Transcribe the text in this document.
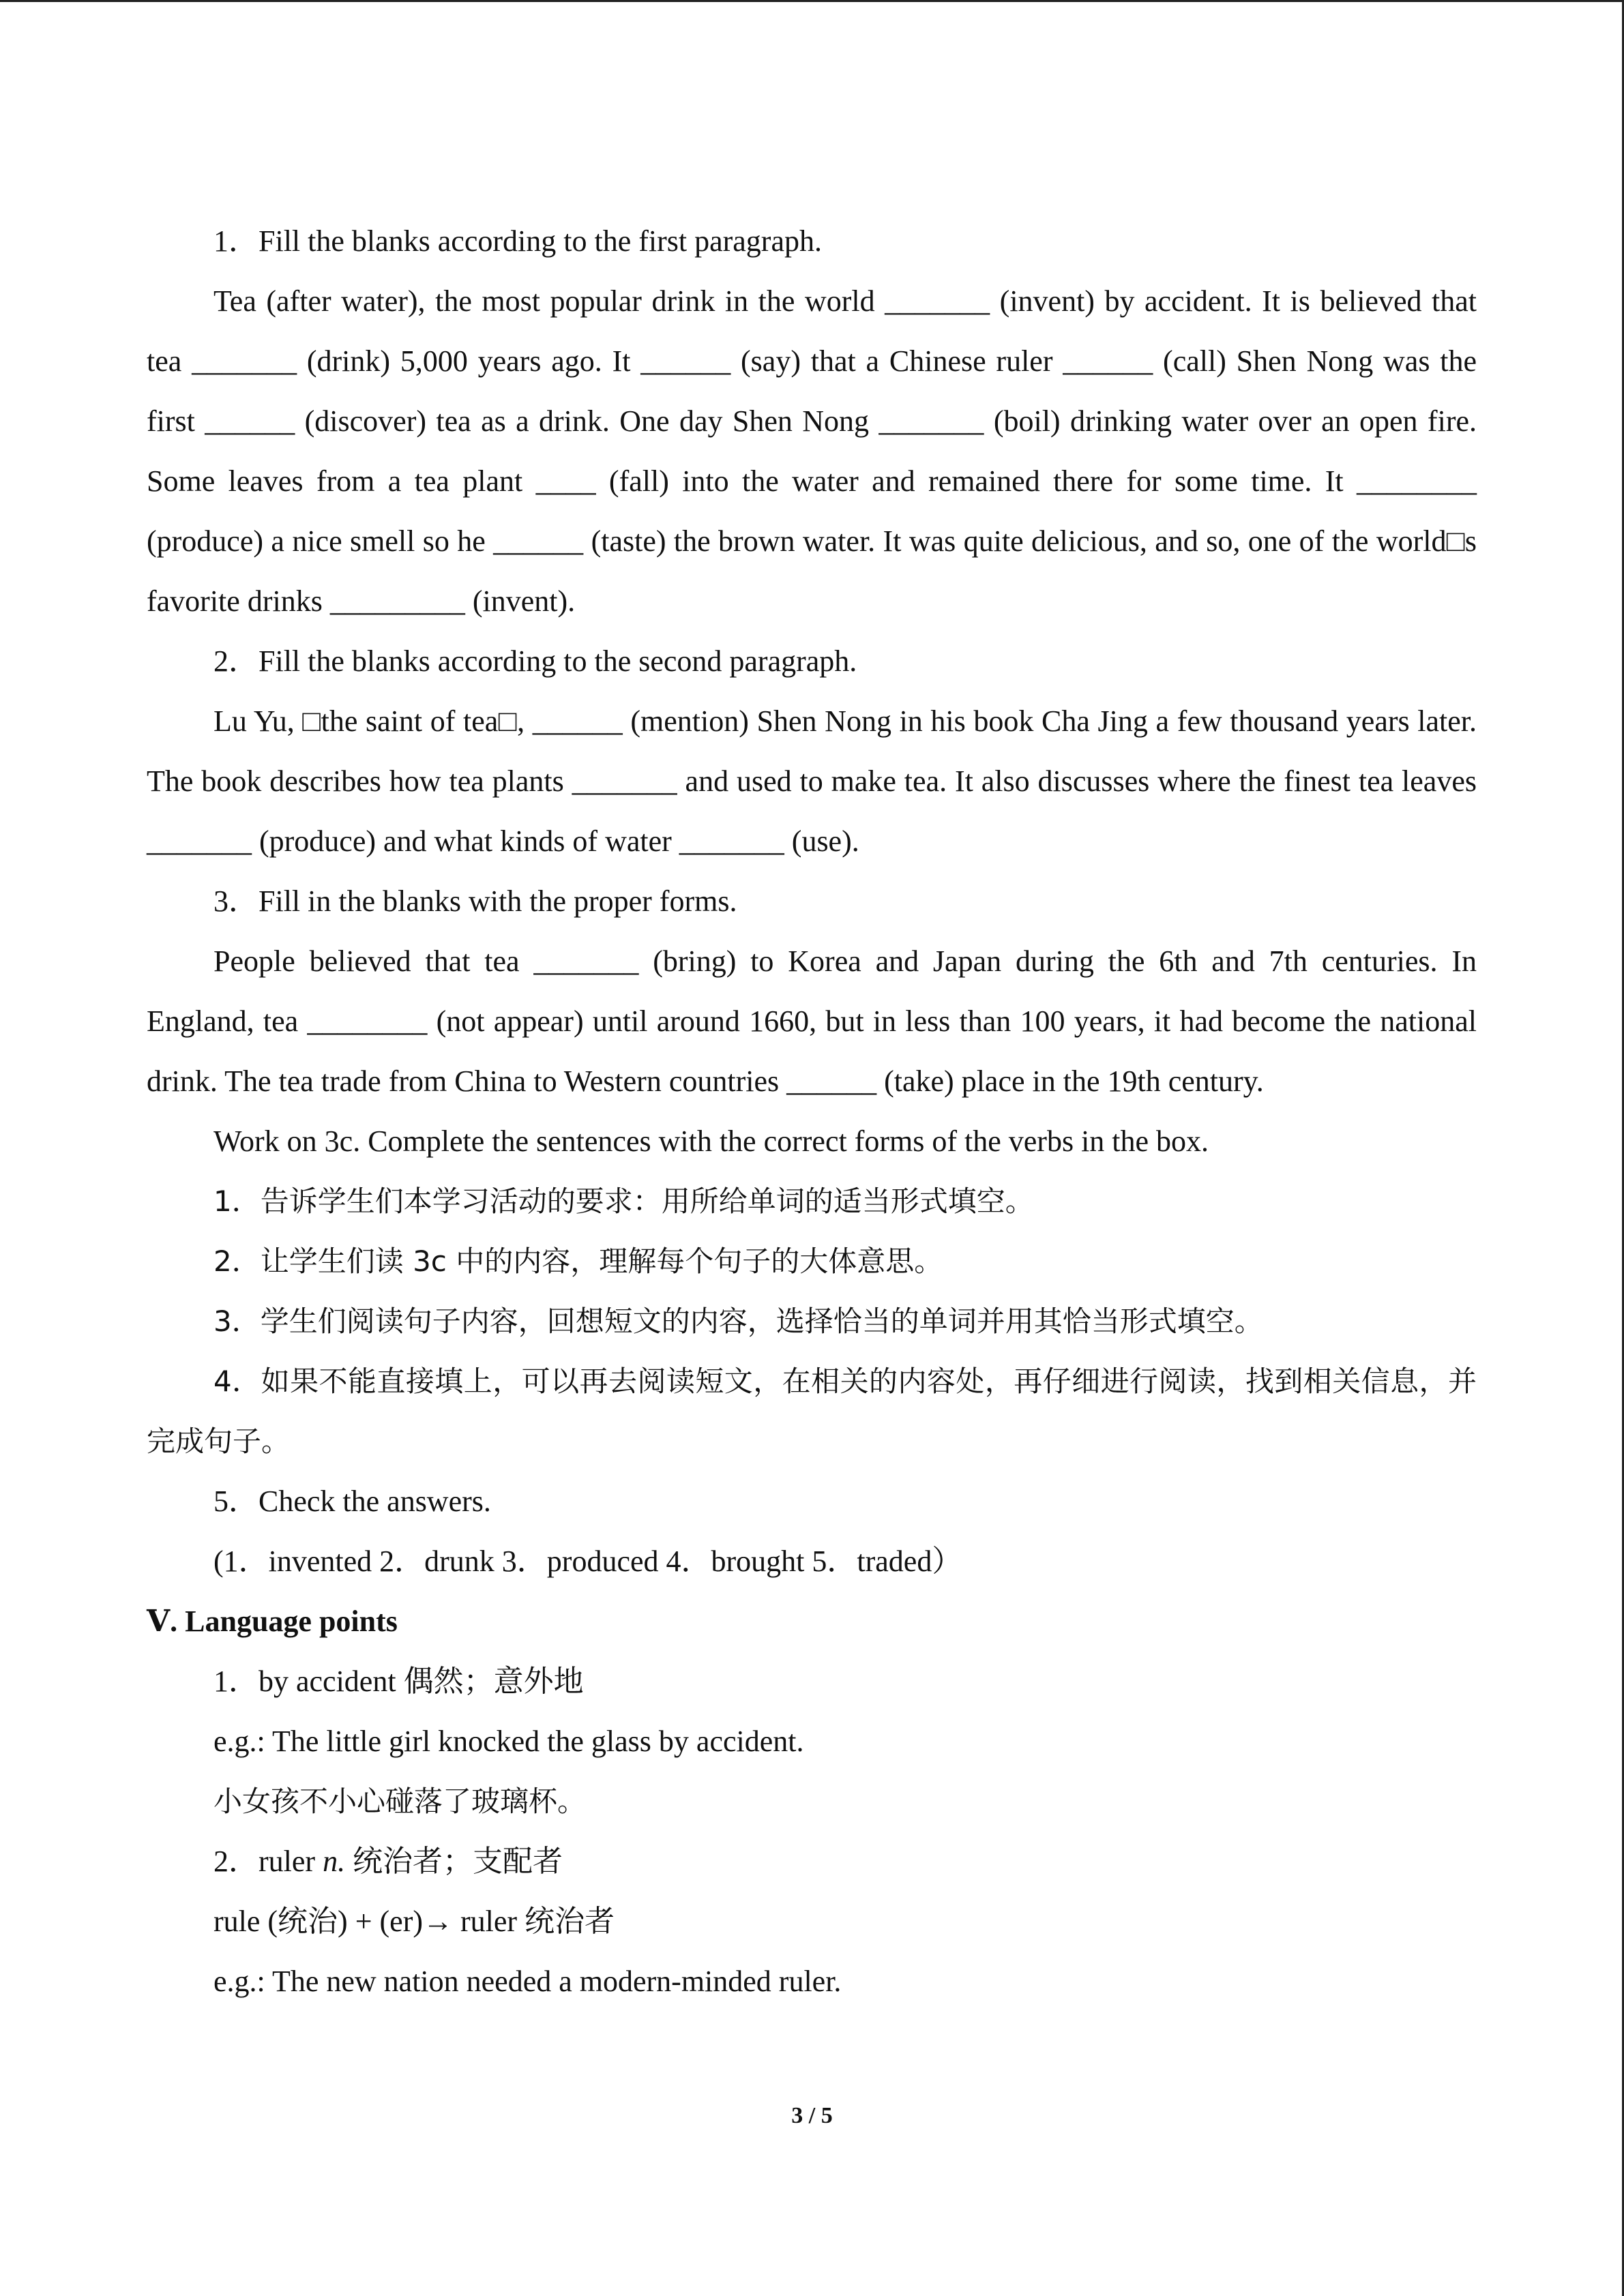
1．Fill the blanks according to the first paragraph.

Tea (after water), the most popular drink in the world _______ (invent) by accident. It is believed that tea _______ (drink) 5,000 years ago. It ______ (say) that a Chinese ruler ______ (call) Shen Nong was the first ______ (discover) tea as a drink. One day Shen Nong _______ (boil) drinking water over an open fire. Some leaves from a tea plant ____ (fall) into the water and remained there for some time. It ________ (produce) a nice smell so he ______ (taste) the brown water. It was quite delicious, and so, one of the world□s favorite drinks _________ (invent).

2．Fill the blanks according to the second paragraph.

Lu Yu, □the saint of tea□, ______ (mention) Shen Nong in his book Cha Jing a few thousand years later. The book describes how tea plants _______ and used to make tea. It also discusses where the finest tea leaves _______ (produce) and what kinds of water _______ (use).

3．Fill in the blanks with the proper forms.

People believed that tea _______ (bring) to Korea and Japan during the 6th and 7th centuries. In England, tea ________ (not appear) until around 1660, but in less than 100 years, it had become the national drink. The tea trade from China to Western countries ______ (take) place in the 19th century.

Work on 3c. Complete the sentences with the correct forms of the verbs in the box.

1．告诉学生们本学习活动的要求：用所给单词的适当形式填空。

2．让学生们读 3c 中的内容，理解每个句子的大体意思。

3．学生们阅读句子内容，回想短文的内容，选择恰当的单词并用其恰当形式填空。

4．如果不能直接填上，可以再去阅读短文，在相关的内容处，再仔细进行阅读，找到相关信息，并完成句子。

5．Check the answers.

(1．invented 2．drunk 3．produced 4．brought 5．traded）

Ⅴ. Language points

1．by accident 偶然；意外地

e.g.: The little girl knocked the glass by accident.

小女孩不小心碰落了玻璃杯。

2．ruler n. 统治者；支配者

rule (统治) + (er)→ ruler 统治者

e.g.: The new nation needed a modern-minded ruler.

3 / 5
